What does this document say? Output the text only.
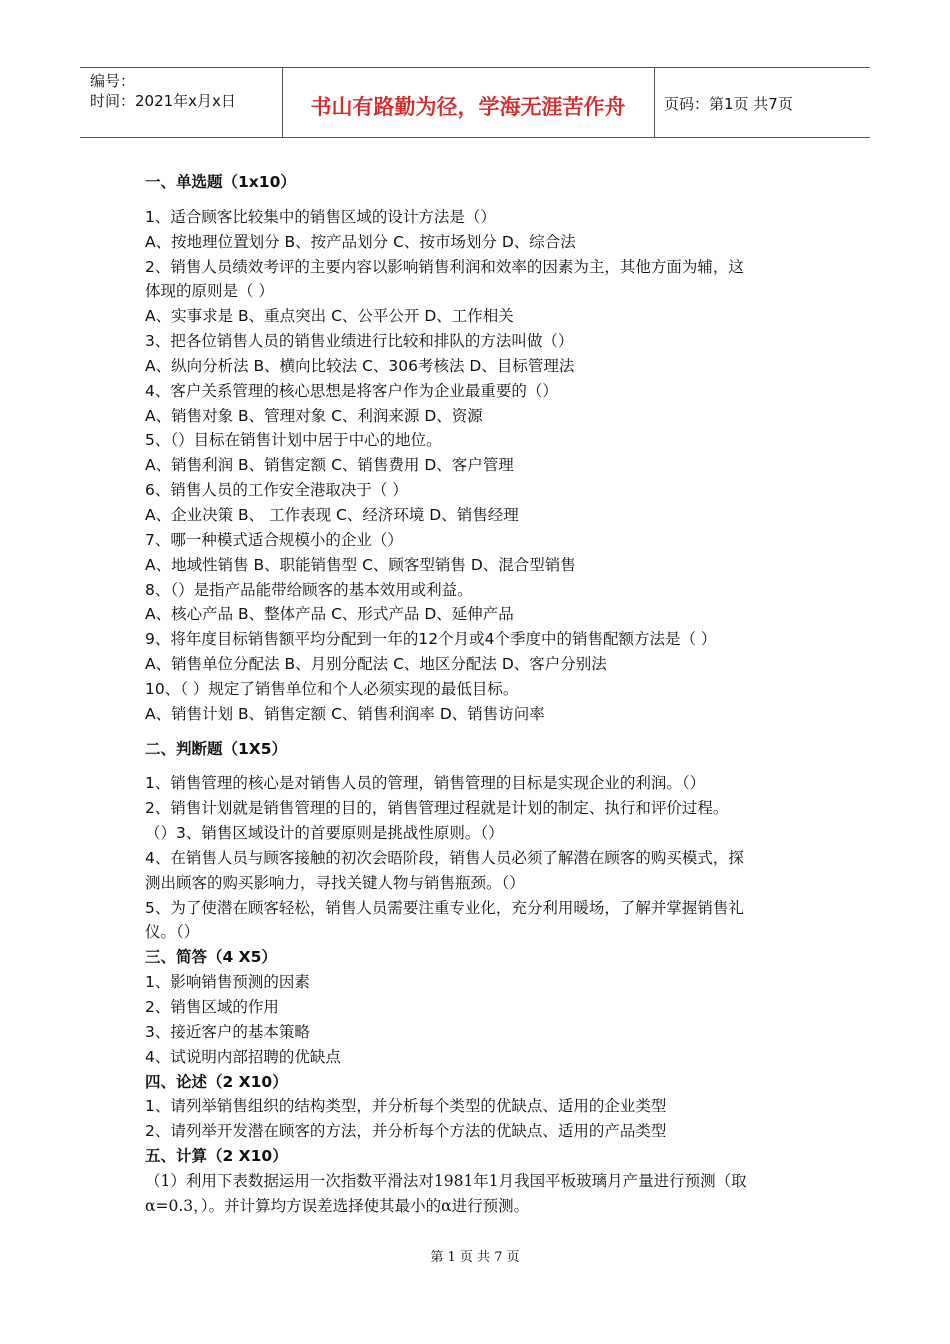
编号：
时间：2021年x月x日	书山有路勤为径，学海无涯苦作舟	页码：第1页 共7页
一、单选题（1x10）
1、适合顾客比较集中的销售区域的设计方法是（）
A、按地理位置划分 B、按产品划分 C、按市场划分 D、综合法
2、销售人员绩效考评的主要内容以影响销售利润和效率的因素为主，其他方面为辅，这
体现的原则是（ ）
A、实事求是 B、重点突出 C、公平公开 D、工作相关
3、把各位销售人员的销售业绩进行比较和排队的方法叫做（）
A、纵向分析法 B、横向比较法 C、306考核法 D、目标管理法
4、客户关系管理的核心思想是将客户作为企业最重要的（）
A、销售对象 B、管理对象 C、利润来源 D、资源
5、（）目标在销售计划中居于中心的地位。
A、销售利润 B、销售定额 C、销售费用 D、客户管理
6、销售人员的工作安全港取决于（ ）
A、企业决策 B、 工作表现 C、经济环境 D、销售经理
7、哪一种模式适合规模小的企业（）
A、地域性销售 B、职能销售型 C、顾客型销售 D、混合型销售
8、（）是指产品能带给顾客的基本效用或利益。
A、核心产品 B、整体产品 C、形式产品 D、延伸产品
9、将年度目标销售额平均分配到一年的12个月或4个季度中的销售配额方法是（ ）
A、销售单位分配法 B、月别分配法 C、地区分配法 D、客户分别法
10、（ ）规定了销售单位和个人必须实现的最低目标。
A、销售计划 B、销售定额 C、销售利润率 D、销售访问率
二、判断题（1X5）
1、销售管理的核心是对销售人员的管理，销售管理的目标是实现企业的利润。（）
2、销售计划就是销售管理的目的，销售管理过程就是计划的制定、执行和评价过程。
（）3、销售区域设计的首要原则是挑战性原则。（）
4、在销售人员与顾客接触的初次会晤阶段，销售人员必须了解潜在顾客的购买模式，探
测出顾客的购买影响力，寻找关键人物与销售瓶颈。（）
5、为了使潜在顾客轻松，销售人员需要注重专业化，充分利用暖场，了解并掌握销售礼
仪。（）
三、简答（4 X5）
1、影响销售预测的因素
2、销售区域的作用
3、接近客户的基本策略
4、试说明内部招聘的优缺点
四、论述（2 X10）
1、请列举销售组织的结构类型，并分析每个类型的优缺点、适用的企业类型
2、请列举开发潜在顾客的方法，并分析每个方法的优缺点、适用的产品类型
五、计算（2 X10）
（1）利用下表数据运用一次指数平滑法对1981年1月我国平板玻璃月产量进行预测（取
α=0.3，）。并计算均方误差选择使其最小的α进行预测。
第 1 页 共 7 页
